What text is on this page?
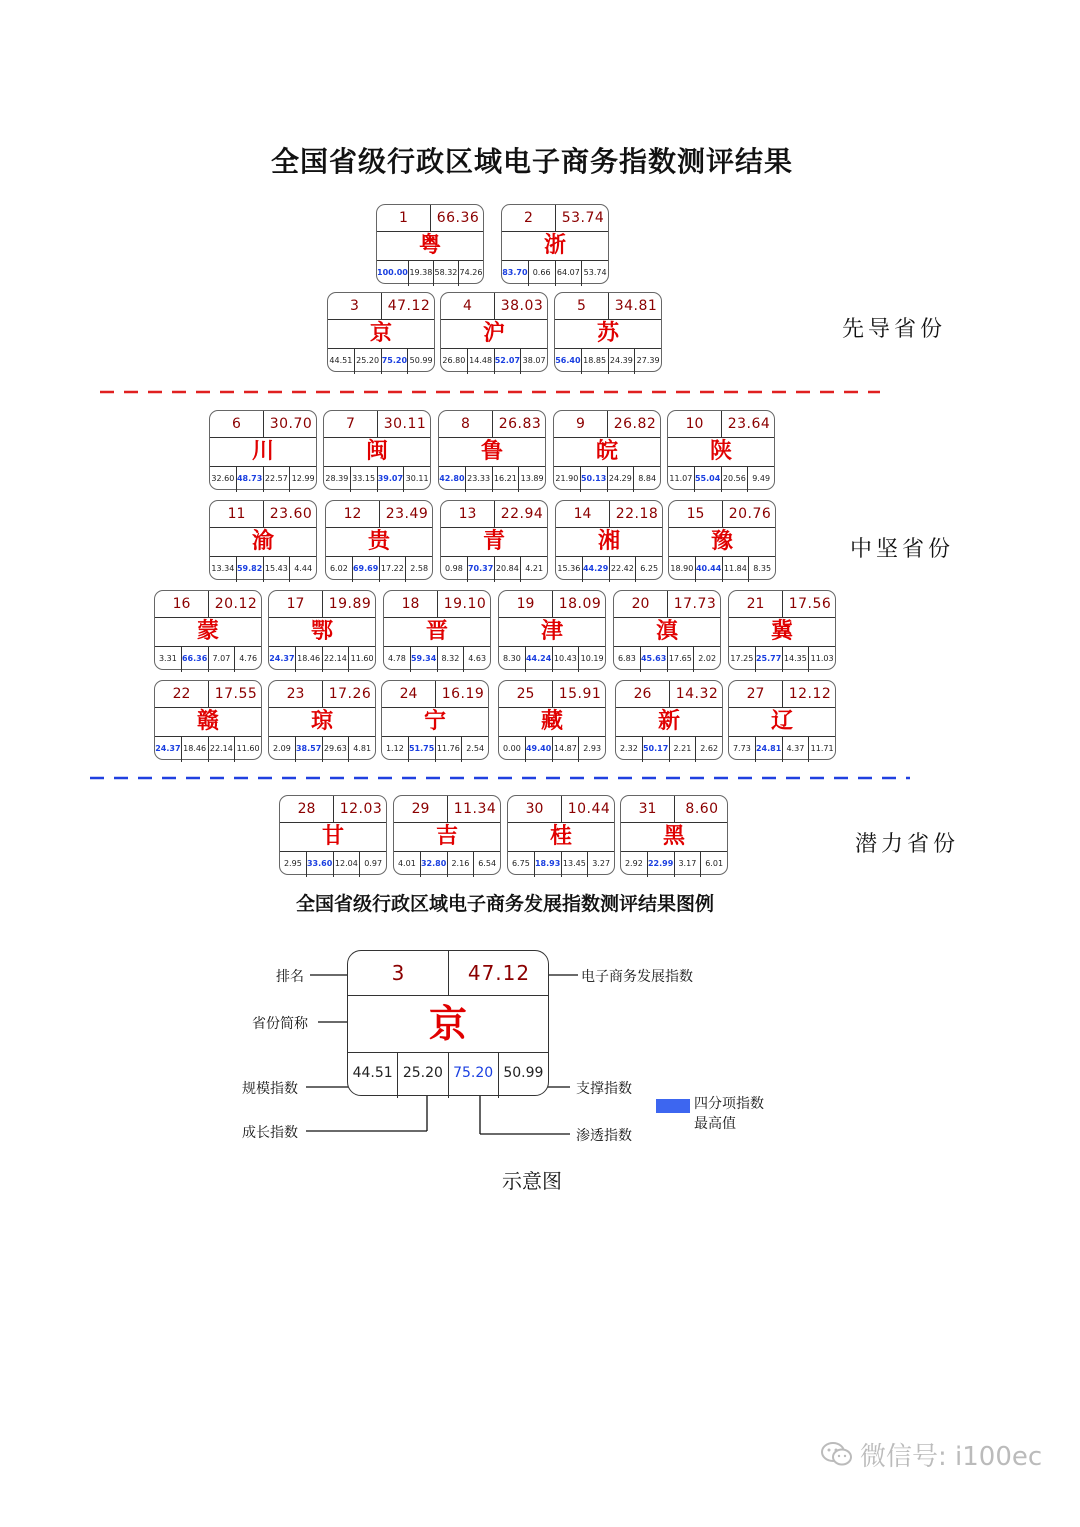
全国省级行政区域电子商务指数测评结果
1	66.36
粤
100.00 19.38 58.32 74.26
2	53.74
浙
83.70 0.66 64.07 53.74
3	47.12
京
44.51 25.20 75.20 50.99
4	38.03
沪
26.80 14.48 52.07 38.07
5	34.81
苏
56.40 18.85 24.39 27.39
6	30.70
川
32.60 48.73 22.57 12.99
7	30.11
闽
28.39 33.15 39.07 30.11
8	26.83
鲁
42.80 23.33 16.21 13.89
9	26.82
皖
21.90 50.13 24.29 8.84
10	23.64
陕
11.07 55.04 20.56 9.49
11	23.60
渝
13.34 59.82 15.43 4.44
12	23.49
贵
6.02 69.69 17.22 2.58
13	22.94
青
0.98 70.37 20.84 4.21
14	22.18
湘
15.36 44.29 22.42 6.25
15	20.76
豫
18.90 40.44 11.84 8.35
16	20.12
蒙
3.31 66.36 7.07	4.76
17	19.89
鄂
24.37 18.46 22.14 11.60
18	19.10
晋
4.78 59.34 8.32	4.63
19	18.09
津
8.30 44.24 10.43 10.19
20	17.73
滇
6.83 45.63 17.65 2.02
21	17.56
冀
17.25 25.77 14.35 11.03
22	17.55
赣
24.37 18.46 22.14 11.60
23	17.26
琼
2.09 38.57 29.63 4.81
24	16.19
宁
1.12 51.75 11.76 2.54
25	15.91
藏
0.00 49.40 14.87 2.93
26	14.32
新
2.32 50.17 2.21	2.62
27	12.12
辽
7.73 24.81 4.37 11.71
28	12.03
甘
2.95 33.60 12.04 0.97
29	11.34
吉
4.01 32.80 2.16	6.54
30	10.44
桂
6.75 18.93 13.45 3.27
31	8.60
黑
2.92 22.99 3.17	6.01
先导省份
中坚省份
潜力省份
全国省级行政区域电子商务发展指数测评结果图例
3	47.12
京
44.51 25.20 75.20 50.99
排名
省份简称
规模指数
成长指数	渗透指数
支撑指数
电子商务发展指数
四分项指数最高值
示意图
微信号: i100ec
